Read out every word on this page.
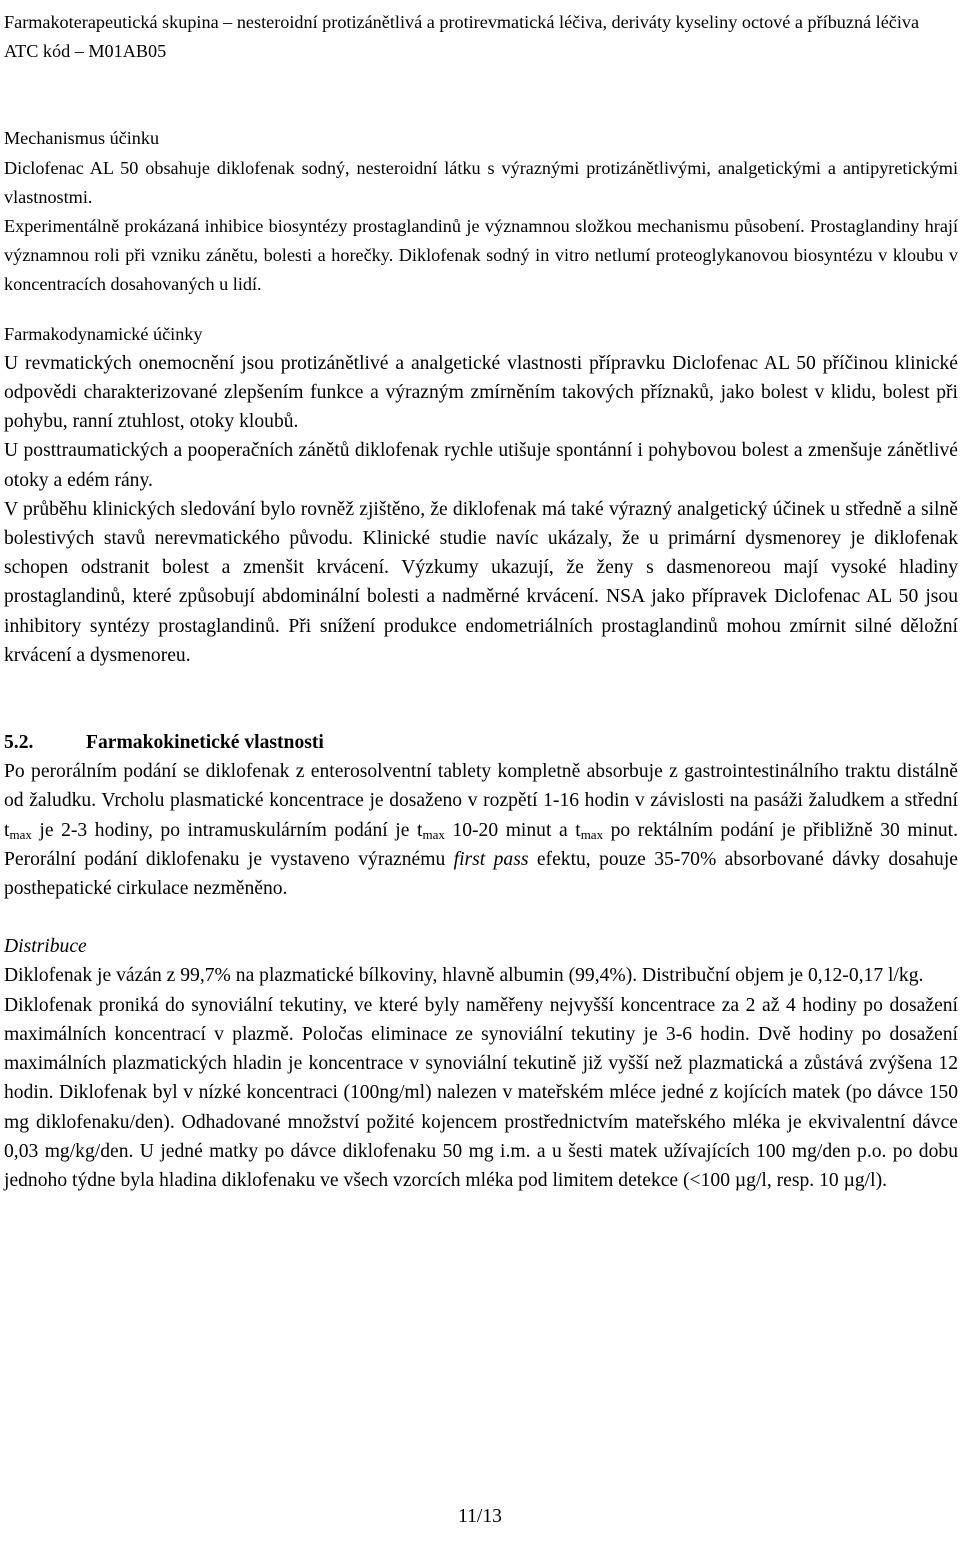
Farmakoterapeutická skupina – nesteroidní protizánětlivá a protirevmatická léčiva, deriváty kyseliny octové a příbuzná léčiva

ATC kód – M01AB05

Mechanismus účinku

Diclofenac AL 50 obsahuje diklofenak sodný, nesteroidní látku s výraznými protizánětlivými, analgetickými a antipyretickými vlastnostmi.

Experimentálně prokázaná inhibice biosyntézy prostaglandinů je významnou složkou mechanismu působení. Prostaglandiny hrají významnou roli při vzniku zánětu, bolesti a horečky. Diklofenak sodný in vitro netlumí proteoglykanovou biosyntézu v kloubu v koncentracích dosahovaných u lidí.

Farmakodynamické účinky

U revmatických onemocnění jsou protizánětlivé a analgetické vlastnosti přípravku Diclofenac AL 50 příčinou klinické odpovědi charakterizované zlepšením funkce a výrazným zmírněním takových příznaků, jako bolest v klidu, bolest při pohybu, ranní ztuhlost, otoky kloubů.

U posttraumatických a pooperačních zánětů diklofenak rychle utišuje spontánní i pohybovou bolest a zmenšuje zánětlivé otoky a edém rány.

V průběhu klinických sledování bylo rovněž zjištěno, že diklofenak má také výrazný analgetický účinek u středně a silně bolestivých stavů nerevmatického původu. Klinické studie navíc ukázaly, že u primární dysmenorey je diklofenak schopen odstranit bolest a zmenšit krvácení. Výzkumy ukazují, že ženy s dasmenoreou mají vysoké hladiny prostaglandinů, které způsobují abdominální bolesti a nadměrné krvácení. NSA jako přípravek Diclofenac AL 50 jsou inhibitory syntézy prostaglandinů. Při snížení produkce endometriálních prostaglandinů mohou zmírnit silné děložní krvácení a dysmenoreu.

5.2.	Farmakokinetické vlastnosti

Po perorálním podání se diklofenak z enterosolventní tablety kompletně absorbuje z gastrointestinálního traktu distálně od žaludku. Vrcholu plasmatické koncentrace je dosaženo v rozpětí 1-16 hodin v závislosti na pasáži žaludkem a střední $t_{max}$ je 2-3 hodiny, po intramuskulárním podání je $t_{max}$ 10-20 minut a $t_{max}$ po rektálním podání je přibližně 30 minut. Perorální podání diklofenaku je vystaveno výraznému first pass efektu, pouze 35-70% absorbované dávky dosahuje posthepatické cirkulace nezměněno.

Distribuce

Diklofenak je vázán z 99,7% na plazmatické bílkoviny, hlavně albumin (99,4%). Distribuční objem je 0,12-0,17 l/kg.

Diklofenak proniká do synoviální tekutiny, ve které byly naměřeny nejvyšší koncentrace za 2 až 4 hodiny po dosažení maximálních koncentrací v plazmě. Poločas eliminace ze synoviální tekutiny je 3-6 hodin. Dvě hodiny po dosažení maximálních plazmatických hladin je koncentrace v synoviální tekutině již vyšší než plazmatická a zůstává zvýšena 12 hodin. Diklofenak byl v nízké koncentraci (100ng/ml) nalezen v mateřském mléce jedné z kojících matek (po dávce 150 mg diklofenaku/den). Odhadované množství požité kojencem prostřednictvím mateřského mléka je ekvivalentní dávce 0,03 mg/kg/den. U jedné matky po dávce diklofenaku 50 mg i.m. a u šesti matek užívajících 100 mg/den p.o. po dobu jednoho týdne byla hladina diklofenaku ve všech vzorcích mléka pod limitem detekce (<100 µg/l, resp. 10 µg/l).

11/13
